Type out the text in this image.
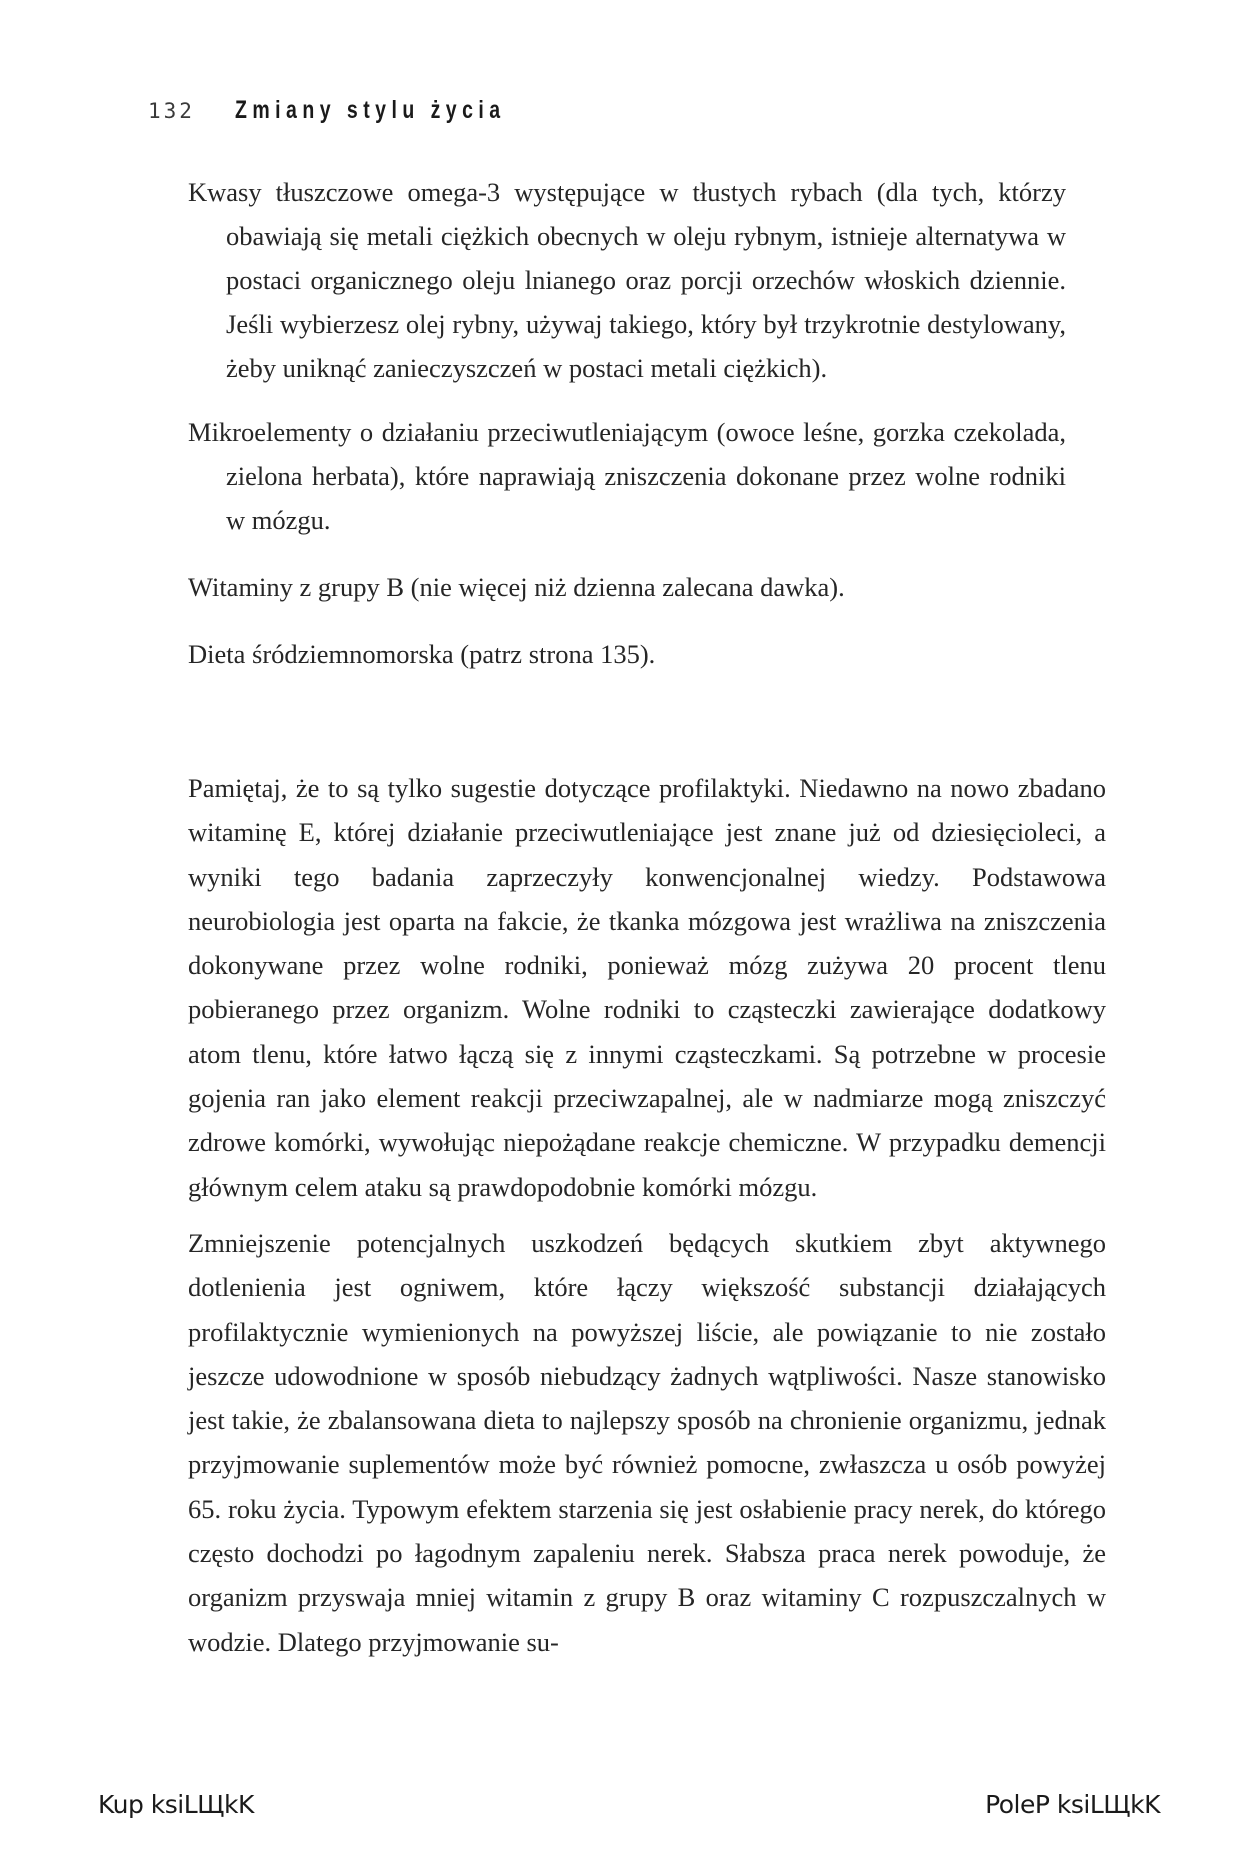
132 Zmiany stylu życia

Kwasy tłuszczowe omega-3 występujące w tłustych rybach (dla tych, którzy obawiają się metali ciężkich obecnych w oleju rybnym, istnieje alternatywa w postaci organicznego oleju lnianego oraz porcji orzechów włoskich dziennie. Jeśli wybierzesz olej rybny, używaj takiego, który był trzykrotnie destylowany, żeby uniknąć zanieczyszczeń w postaci metali ciężkich).

Mikroelementy o działaniu przeciwutleniającym (owoce leśne, gorzka czekolada, zielona herbata), które naprawiają zniszczenia dokonane przez wolne rodniki w mózgu.

Witaminy z grupy B (nie więcej niż dzienna zalecana dawka).

Dieta śródziemnomorska (patrz strona 135).

Pamiętaj, że to są tylko sugestie dotyczące profilaktyki. Niedawno na nowo zbadano witaminę E, której działanie przeciwutleniające jest znane już od dziesięcioleci, a wyniki tego badania zaprzeczyły konwencjonalnej wiedzy. Podstawowa neurobiologia jest oparta na fakcie, że tkanka mózgowa jest wrażliwa na zniszczenia dokonywane przez wolne rodniki, ponieważ mózg zużywa 20 procent tlenu pobieranego przez organizm. Wolne rodniki to cząsteczki zawierające dodatkowy atom tlenu, które łatwo łączą się z innymi cząsteczkami. Są potrzebne w procesie gojenia ran jako element reakcji przeciwzapalnej, ale w nadmiarze mogą zniszczyć zdrowe komórki, wywołując niepożądane reakcje chemiczne. W przypadku demencji głównym celem ataku są prawdopodobnie komórki mózgu.

Zmniejszenie potencjalnych uszkodzeń będących skutkiem zbyt aktywnego dotlenienia jest ogniwem, które łączy większość substancji działających profilaktycznie wymienionych na powyższej liście, ale powiązanie to nie zostało jeszcze udowodnione w sposób niebudzący żadnych wątpliwości. Nasze stanowisko jest takie, że zbalansowana dieta to najlepszy sposób na chronienie organizmu, jednak przyjmowanie suplementów może być również pomocne, zwłaszcza u osób powyżej 65. roku życia. Typowym efektem starzenia się jest osłabienie pracy nerek, do którego często dochodzi po łagodnym zapaleniu nerek. Słabsza praca nerek powoduje, że organizm przyswaja mniej witamin z grupy B oraz witaminy C rozpuszczalnych w wodzie. Dlatego przyjmowanie su-

Kup ksiLЩkK	PoleP ksiLЩkK
